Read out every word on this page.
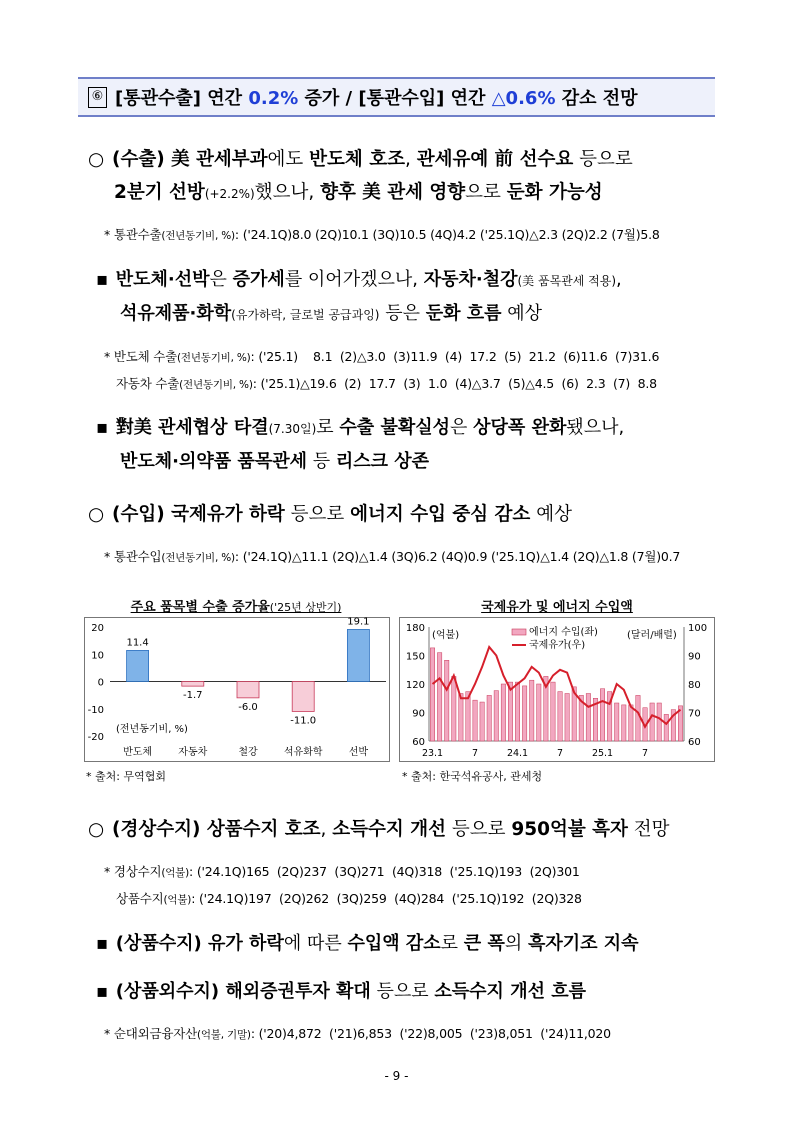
⑥ [통관수출] 연간 0.2% 증가 / [통관수입] 연간 △0.6% 감소 전망
○ (수출) 美 관세부과에도 반도체 호조, 관세유예 前 선수요 등으로
2분기 선방(+2.2%)했으나, 향후 美 관세 영향으로 둔화 가능성
* 통관수출(전년동기비, %): ('24.1Q)8.0 (2Q)10.1 (3Q)10.5 (4Q)4.2 ('25.1Q)△2.3 (2Q)2.2 (7월)5.8
▪ 반도체·선박은 증가세를 이어가겠으나, 자동차·철강(美 품목관세 적용),
석유제품·화학(유가하락, 글로벌 공급과잉) 등은 둔화 흐름 예상
* 반도체 수출(전년동기비, %): ('25.1)    8.1  (2)△3.0  (3)11.9  (4)  17.2  (5)  21.2  (6)11.6  (7)31.6
자동차 수출(전년동기비, %): ('25.1)△19.6  (2)  17.7  (3)  1.0  (4)△3.7  (5)△4.5  (6)  2.3  (7)  8.8
▪ 對美 관세협상 타결(7.30일)로 수출 불확실성은 상당폭 완화됐으나,
반도체·의약품 품목관세 등 리스크 상존
○ (수입) 국제유가 하락 등으로 에너지 수입 중심 감소 예상
* 통관수입(전년동기비, %): ('24.1Q)△11.1 (2Q)△1.4 (3Q)6.2 (4Q)0.9 ('25.1Q)△1.4 (2Q)△1.8 (7월)0.7
주요 품목별 수출 증가율('25년 상반기)	국제유가 및 에너지 수입액
-20
-10
0
10
20
반도체	자동차	철강	석유화학	선박
11.4
-1.7
-6.0
-11.0
19.1
(전년동기비, %)
60
90
120
150
180
60
70
80
90
100
23.1	7	24.1	7	25.1	7
(억불)	(달러/배럴)
에너지 수입(좌)
국제유가(우)
* 출처: 무역협회	* 출처: 한국석유공사, 관세청
○ (경상수지) 상품수지 호조, 소득수지 개선 등으로 950억불 흑자 전망
* 경상수지(억불): ('24.1Q)165  (2Q)237  (3Q)271  (4Q)318  ('25.1Q)193  (2Q)301
상품수지(억불): ('24.1Q)197  (2Q)262  (3Q)259  (4Q)284  ('25.1Q)192  (2Q)328
▪ (상품수지) 유가 하락에 따른 수입액 감소로 큰 폭의 흑자기조 지속
▪ (상품외수지) 해외증권투자 확대 등으로 소득수지 개선 흐름
* 순대외금융자산(억불, 기말): ('20)4,872  ('21)6,853  ('22)8,005  ('23)8,051  ('24)11,020
- 9 -
